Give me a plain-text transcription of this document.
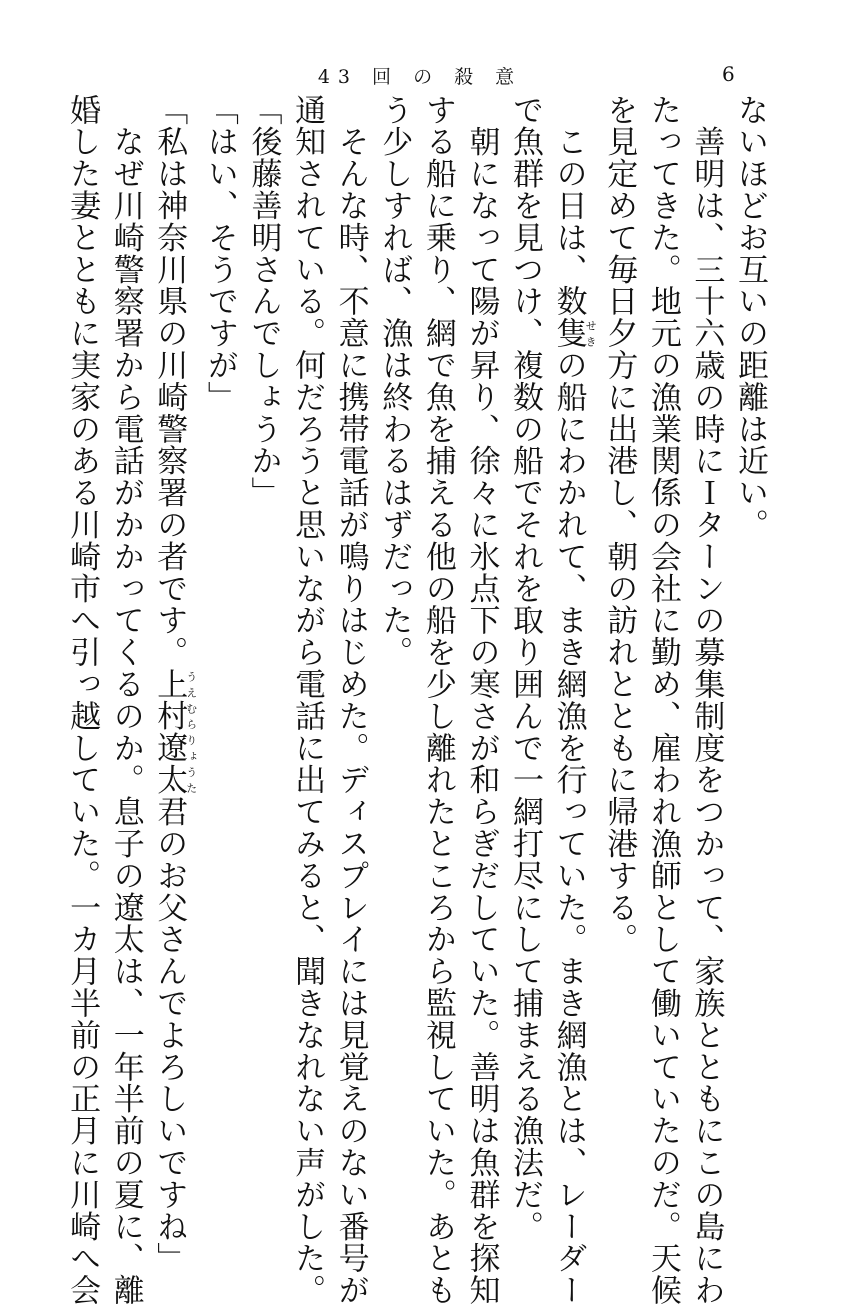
43 回 の 殺 意	6
ないほどお互いの距離は近い。
　善明は、三十六歳の時にＩターンの募集制度をつかって、家族とともにこの島にわ
たってきた。地元の漁業関係の会社に勤め、雇われ漁師として働いていたのだ。天候
を見定めて毎日夕方に出港し、朝の訪れとともに帰港する。
　この日は、数隻せきの船にわかれて、まき網漁を行っていた。まき網漁とは、レーダー
で魚群を見つけ、複数の船でそれを取り囲んで一網打尽にして捕まえる漁法だ。
　朝になって陽が昇り、徐々に氷点下の寒さが和らぎだしていた。善明は魚群を探知
する船に乗り、網で魚を捕える他の船を少し離れたところから監視していた。あとも
う少しすれば、漁は終わるはずだった。
　そんな時、不意に携帯電話が鳴りはじめた。ディスプレイには見覚えのない番号が
通知されている。何だろうと思いながら電話に出てみると、聞きなれない声がした。
「後藤善明さんでしょうか」
「はい、そうですが」
「私は神奈川県の川崎警察署の者です。上村遼太うえむらりょうた君のお父さんでよろしいですね」
　なぜ川崎警察署から電話がかかってくるのか。息子の遼太は、一年半前の夏に、離
婚した妻とともに実家のある川崎市へ引っ越していた。一カ月半前の正月に川崎へ会
